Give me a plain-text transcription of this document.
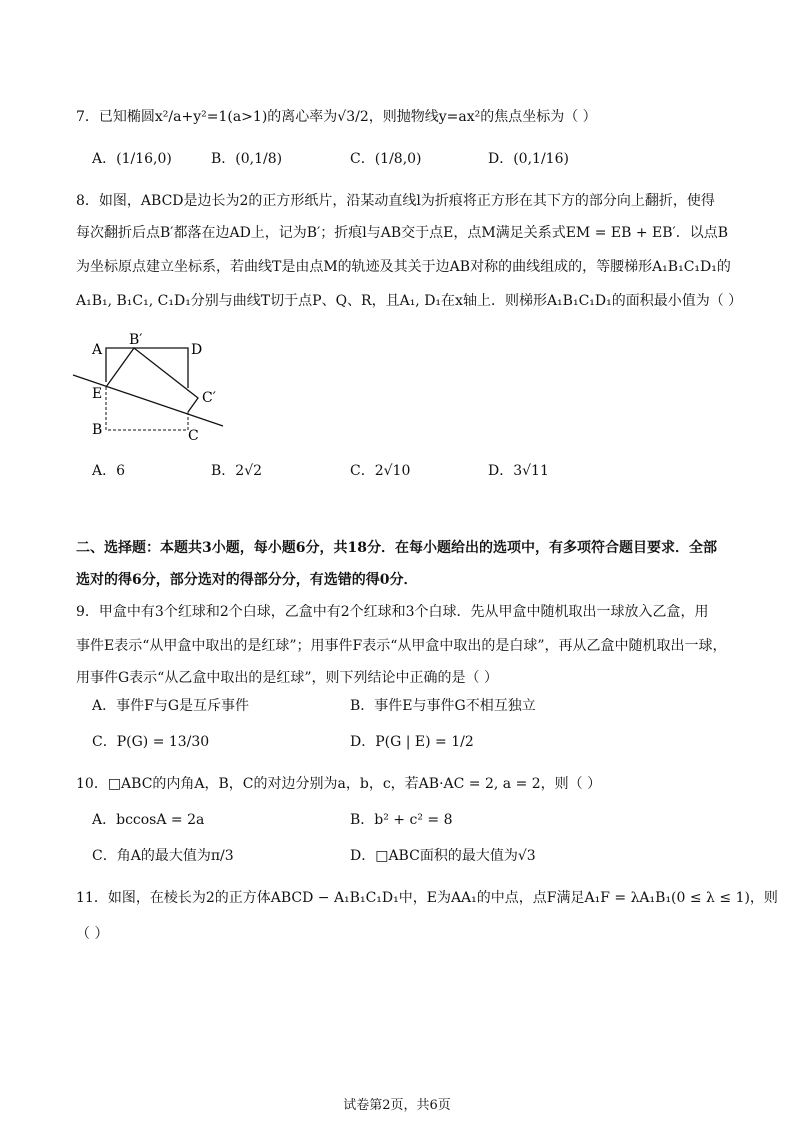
7．已知椭圆x²/a+y²=1(a>1)的离心率为√3/2，则抛物线y=ax²的焦点坐标为（ ）
A．(1/16,0)	B．(0,1/8)	C．(1/8,0)	D．(0,1/16)
8．如图，ABCD是边长为2的正方形纸片，沿某动直线l为折痕将正方形在其下方的部分向上翻折，使得
每次翻折后点B′都落在边AD上，记为B′；折痕l与AB交于点E，点M满足关系式EM = EB + EB′．以点B
为坐标原点建立坐标系，若曲线T是由点M的轨迹及其关于边AB对称的曲线组成的，等腰梯形A₁B₁C₁D₁的
A₁B₁, B₁C₁, C₁D₁分别与曲线T切于点P、Q、R，且A₁, D₁在x轴上．则梯形A₁B₁C₁D₁的面积最小值为（ ）
A
B′
D
E	C′
B	C
A．6	B．2√2	C．2√10	D．3√11
二、选择题：本题共3小题，每小题6分，共18分．在每小题给出的选项中，有多项符合题目要求．全部
选对的得6分，部分选对的得部分分，有选错的得0分．
9．甲盒中有3个红球和2个白球，乙盒中有2个红球和3个白球．先从甲盒中随机取出一球放入乙盒，用
事件E表示“从甲盒中取出的是红球”；用事件F表示“从甲盒中取出的是白球”，再从乙盒中随机取出一球，
用事件G表示“从乙盒中取出的是红球”，则下列结论中正确的是（ ）
A．事件F与G是互斥事件	B．事件E与事件G不相互独立
C．P(G) = 13/30	D．P(G | E) = 1/2
10．□ABC的内角A，B，C的对边分别为a，b，c，若AB·AC = 2, a = 2，则（ ）
A．bccosA = 2a	B．b² + c² = 8
C．角A的最大值为π/3	D．□ABC面积的最大值为√3
11．如图，在棱长为2的正方体ABCD − A₁B₁C₁D₁中，E为AA₁的中点，点F满足A₁F = λA₁B₁(0 ≤ λ ≤ 1)，则
（ ）
试卷第2页，共6页
